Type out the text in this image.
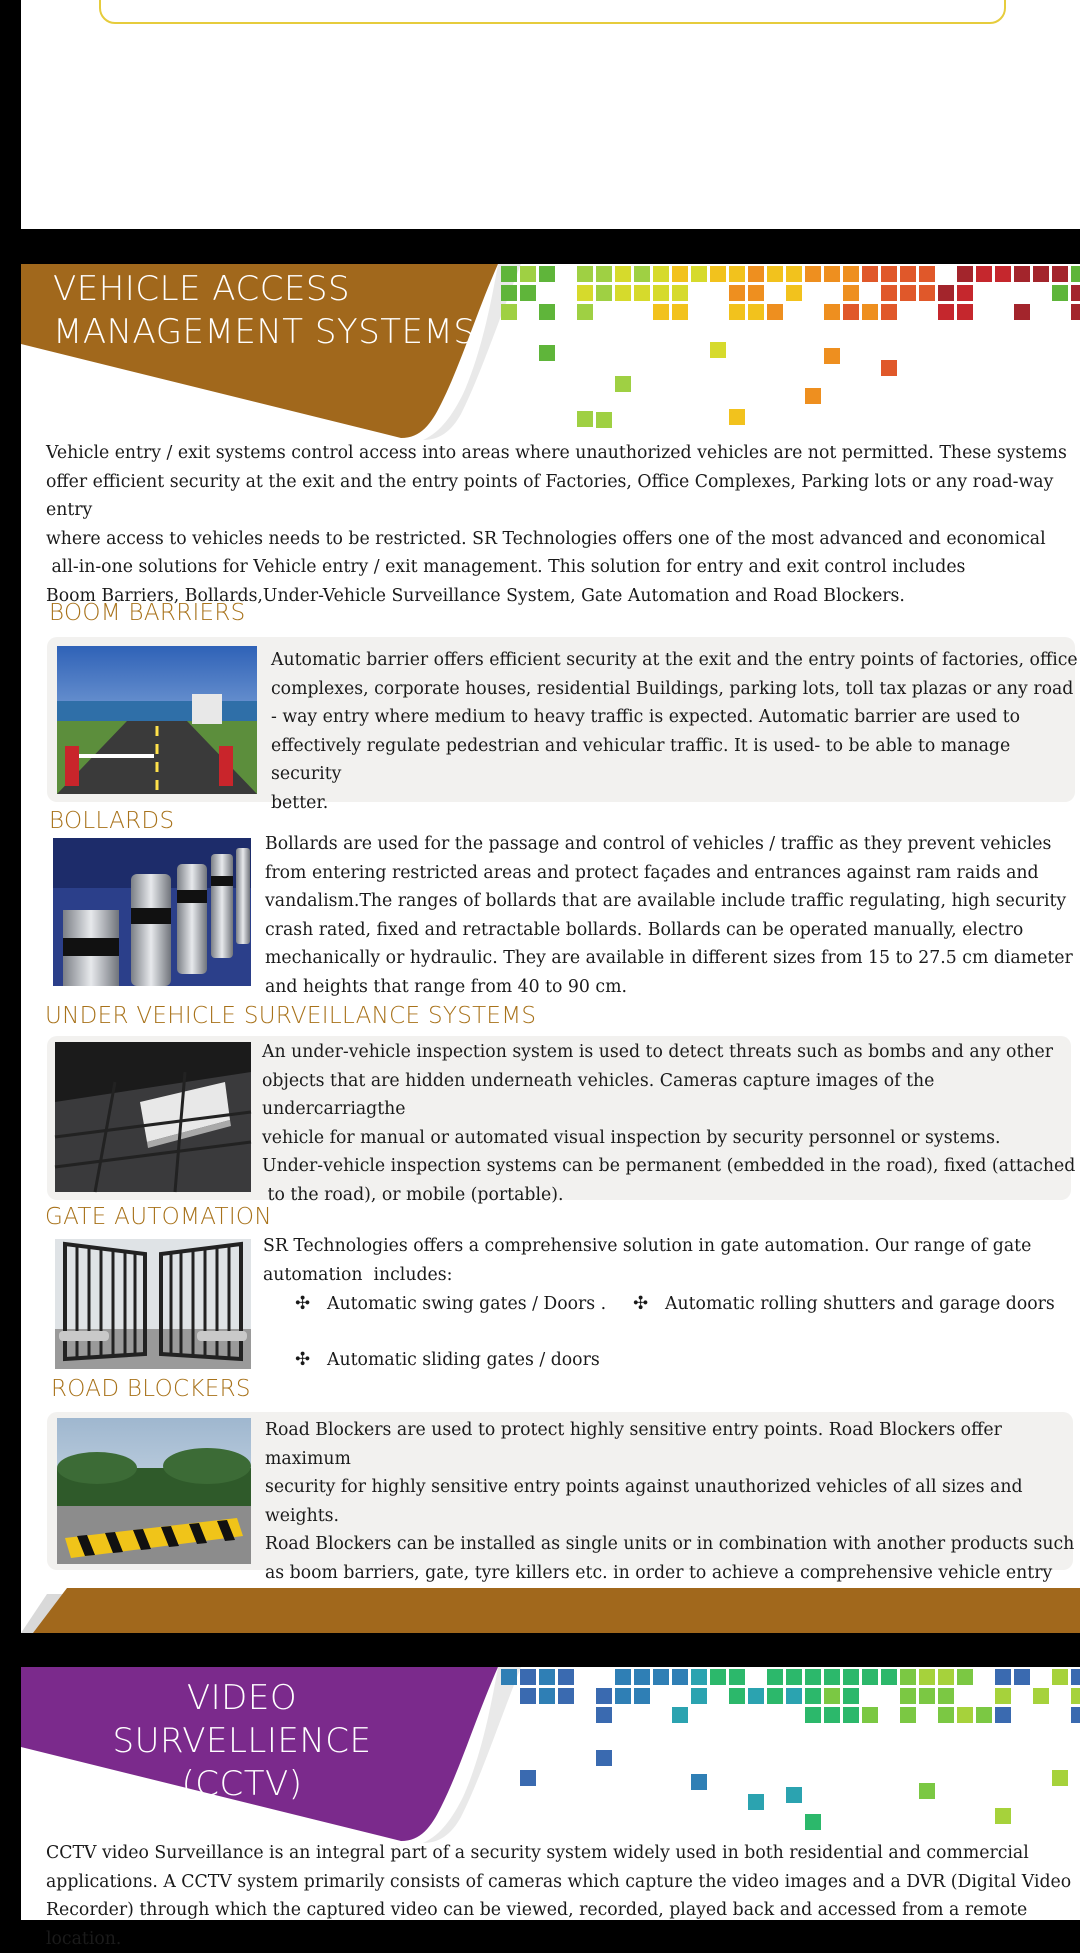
VEHICLE ACCESS
MANAGEMENT SYSTEMS
Vehicle entry / exit systems control access into areas where unauthorized vehicles are not permitted. These systems
offer efficient security at the exit and the entry points of Factories, Office Complexes, Parking lots or any road-way entry
where access to vehicles needs to be restricted. SR Technologies offers one of the most advanced and economical
all-in-one solutions for Vehicle entry / exit management. This solution for entry and exit control includes
Boom Barriers, Bollards,Under-Vehicle Surveillance System, Gate Automation and Road Blockers.
BOOM BARRIERS
Automatic barrier offers efficient security at the exit and the entry points of factories, office
complexes, corporate houses, residential Buildings, parking lots, toll tax plazas or any road
- way entry where medium to heavy traffic is expected. Automatic barrier are used to
effectively regulate pedestrian and vehicular traffic. It is used- to be able to manage security
better.
BOLLARDS
Bollards are used for the passage and control of vehicles / traffic as they prevent vehicles
from entering restricted areas and protect façades and entrances against ram raids and
vandalism.The ranges of bollards that are available include traffic regulating, high security
crash rated, fixed and retractable bollards. Bollards can be operated manually, electro
mechanically or hydraulic. They are available in different sizes from 15 to 27.5 cm diameter
and heights that range from 40 to 90 cm.
UNDER VEHICLE SURVEILLANCE SYSTEMS
An under-vehicle inspection system is used to detect threats such as bombs and any other
objects that are hidden underneath vehicles. Cameras capture images of the undercarriagthe
vehicle for manual or automated visual inspection by security personnel or systems.
Under-vehicle inspection systems can be permanent (embedded in the road), fixed (attached
to the road), or mobile (portable).
GATE AUTOMATION
SR Technologies offers a comprehensive solution in gate automation. Our range of gate
automation  includes:
✣ Automatic swing gates / Doors . ✣ Automatic rolling shutters and garage doors
✣ Automatic sliding gates / doors
ROAD BLOCKERS
Road Blockers are used to protect highly sensitive entry points. Road Blockers offer maximum
security for highly sensitive entry points against unauthorized vehicles of all sizes and weights.
Road Blockers can be installed as single units or in combination with another products such
as boom barriers, gate, tyre killers etc. in order to achieve a comprehensive vehicle entry
VIDEO SURVELLIENCE
(CCTV)
CCTV video Surveillance is an integral part of a security system widely used in both residential and commercial
applications. A CCTV system primarily consists of cameras which capture the video images and a DVR (Digital Video
Recorder) through which the captured video can be viewed, recorded, played back and accessed from a remote location.
